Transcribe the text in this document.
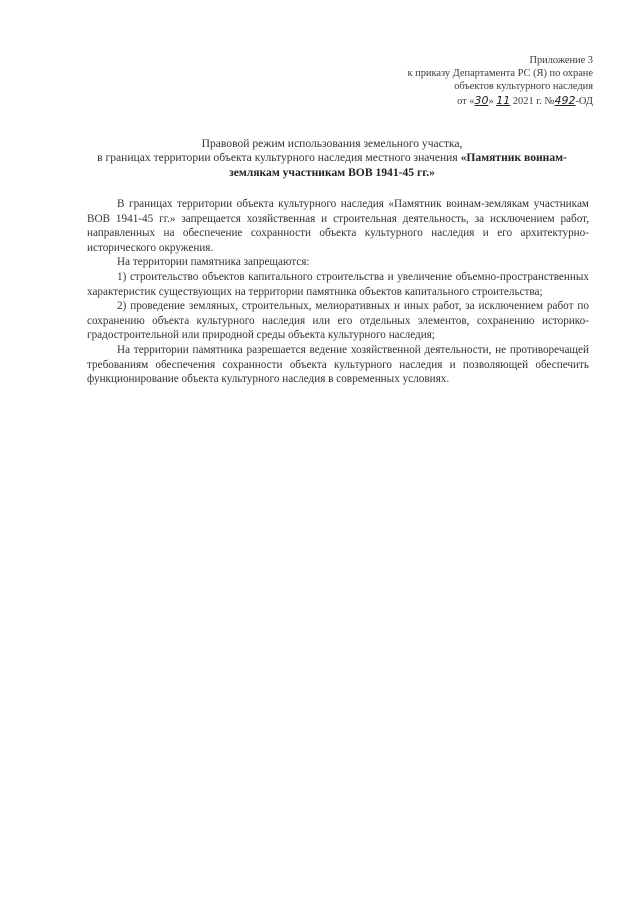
Приложение 3
к приказу Департамента РС (Я) по охране
объектов культурного наследия
от «30» 11 2021 г. №492-ОД
Правовой режим использования земельного участка,
в границах территории объекта культурного наследия местного значения «Памятник воинам-землякам участникам ВОВ 1941-45 гг.»

В границах территории объекта культурного наследия «Памятник воинам-землякам участникам ВОВ 1941-45 гг.» запрещается хозяйственная и строительная деятельность, за исключением работ, направленных на обеспечение сохранности объекта культурного наследия и его архитектурно-исторического окружения.

На территории памятника запрещаются:

1) строительство объектов капитального строительства и увеличение объемно-пространственных характеристик существующих на территории памятника объектов капитального строительства;

2) проведение земляных, строительных, мелиоративных и иных работ, за исключением работ по сохранению объекта культурного наследия или его отдельных элементов, сохранению историко-градостроительной или природной среды объекта культурного наследия;

На территории памятника разрешается ведение хозяйственной деятельности, не противоречащей требованиям обеспечения сохранности объекта культурного наследия и позволяющей обеспечить функционирование объекта культурного наследия в современных условиях.
